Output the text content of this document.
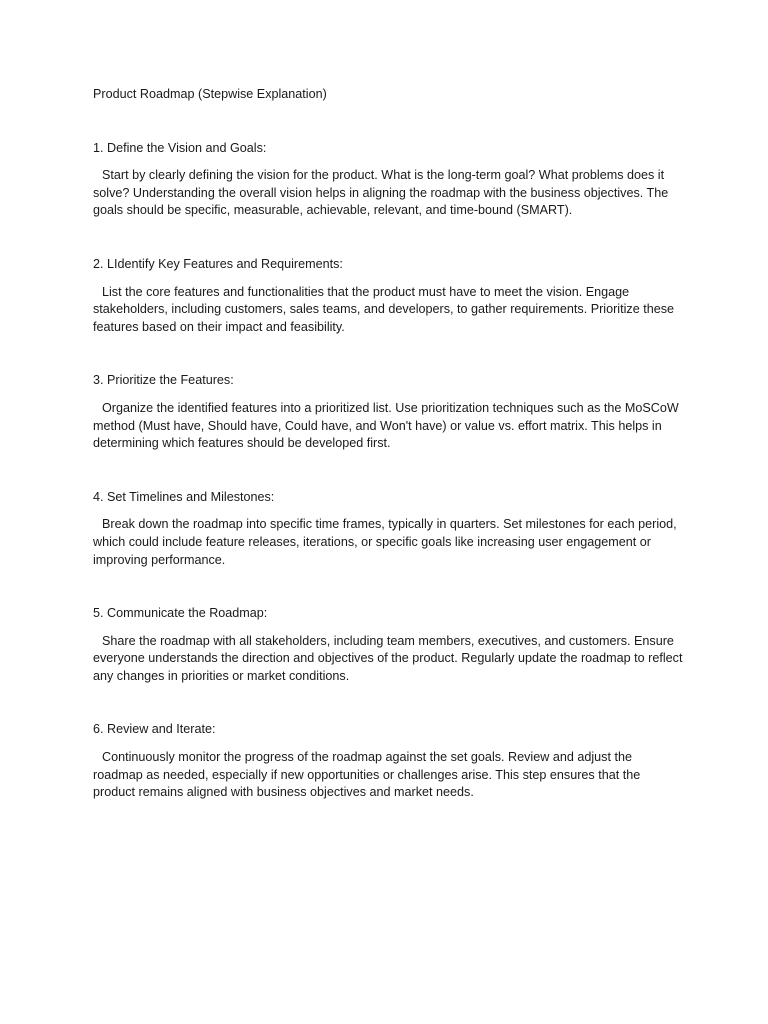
Product Roadmap (Stepwise Explanation)

1. Define the Vision and Goals:

Start by clearly defining the vision for the product. What is the long-term goal? What problems does it solve? Understanding the overall vision helps in aligning the roadmap with the business objectives. The goals should be specific, measurable, achievable, relevant, and time-bound (SMART).

2. LIdentify Key Features and Requirements:

List the core features and functionalities that the product must have to meet the vision. Engage stakeholders, including customers, sales teams, and developers, to gather requirements. Prioritize these features based on their impact and feasibility.

3. Prioritize the Features:

Organize the identified features into a prioritized list. Use prioritization techniques such as the MoSCoW method (Must have, Should have, Could have, and Won't have) or value vs. effort matrix. This helps in determining which features should be developed first.

4. Set Timelines and Milestones:

Break down the roadmap into specific time frames, typically in quarters. Set milestones for each period, which could include feature releases, iterations, or specific goals like increasing user engagement or improving performance.

5. Communicate the Roadmap:

Share the roadmap with all stakeholders, including team members, executives, and customers. Ensure everyone understands the direction and objectives of the product. Regularly update the roadmap to reflect any changes in priorities or market conditions.

6. Review and Iterate:

Continuously monitor the progress of the roadmap against the set goals. Review and adjust the roadmap as needed, especially if new opportunities or challenges arise. This step ensures that the product remains aligned with business objectives and market needs.
